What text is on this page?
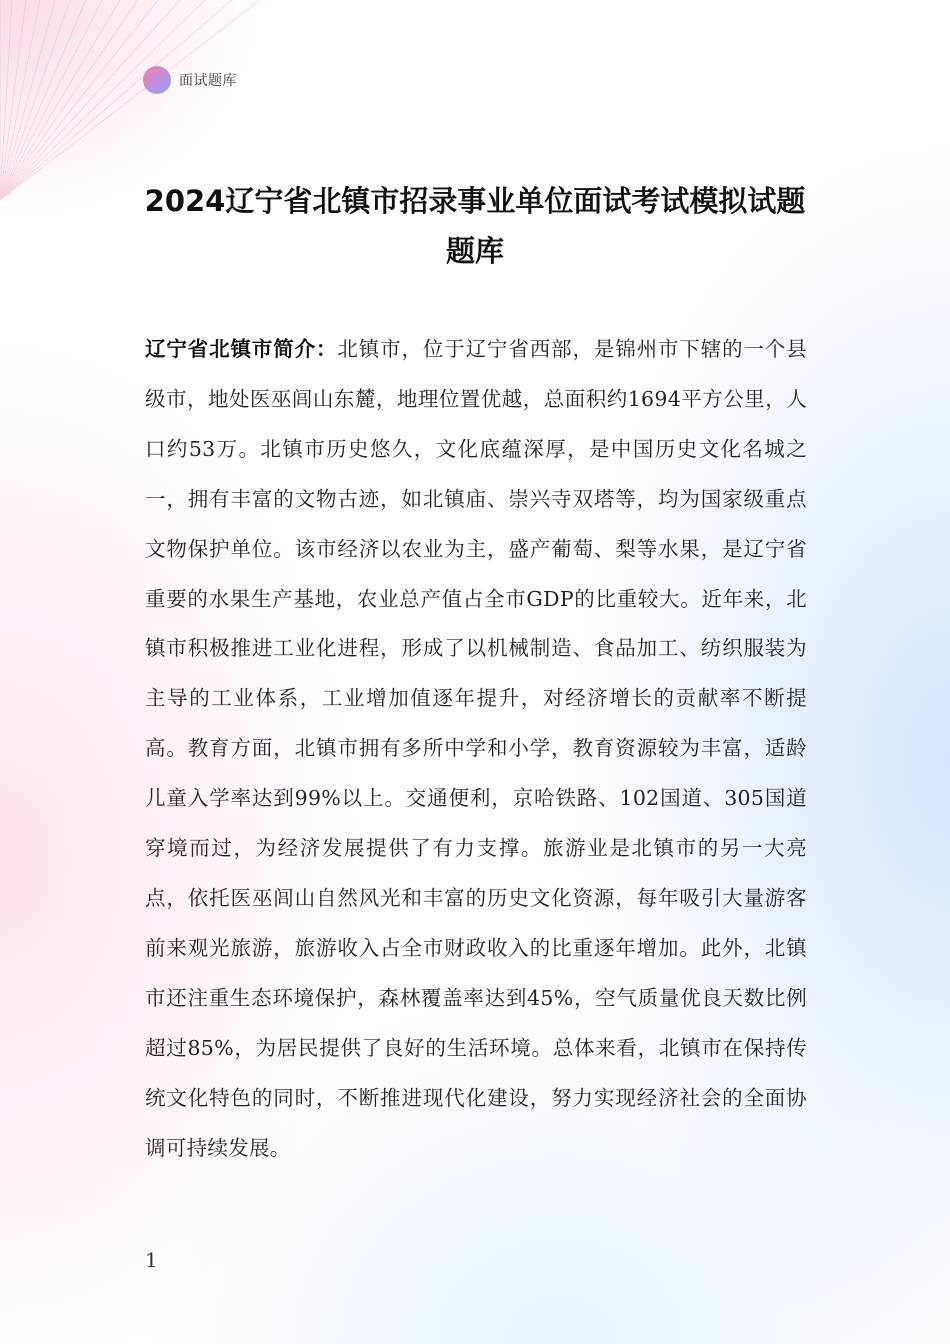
面试题库
2024辽宁省北镇市招录事业单位面试考试模拟试题题库

辽宁省北镇市简介：北镇市，位于辽宁省西部，是锦州市下辖的一个县级市，地处医巫闾山东麓，地理位置优越，总面积约1694平方公里，人口约53万。北镇市历史悠久，文化底蕴深厚，是中国历史文化名城之一，拥有丰富的文物古迹，如北镇庙、崇兴寺双塔等，均为国家级重点文物保护单位。该市经济以农业为主，盛产葡萄、梨等水果，是辽宁省重要的水果生产基地，农业总产值占全市GDP的比重较大。近年来，北镇市积极推进工业化进程，形成了以机械制造、食品加工、纺织服装为主导的工业体系，工业增加值逐年提升，对经济增长的贡献率不断提高。教育方面，北镇市拥有多所中学和小学，教育资源较为丰富，适龄儿童入学率达到99%以上。交通便利，京哈铁路、102国道、305国道穿境而过，为经济发展提供了有力支撑。旅游业是北镇市的另一大亮点，依托医巫闾山自然风光和丰富的历史文化资源，每年吸引大量游客前来观光旅游，旅游收入占全市财政收入的比重逐年增加。此外，北镇市还注重生态环境保护，森林覆盖率达到45%，空气质量优良天数比例超过85%，为居民提供了良好的生活环境。总体来看，北镇市在保持传统文化特色的同时，不断推进现代化建设，努力实现经济社会的全面协调可持续发展。

1
